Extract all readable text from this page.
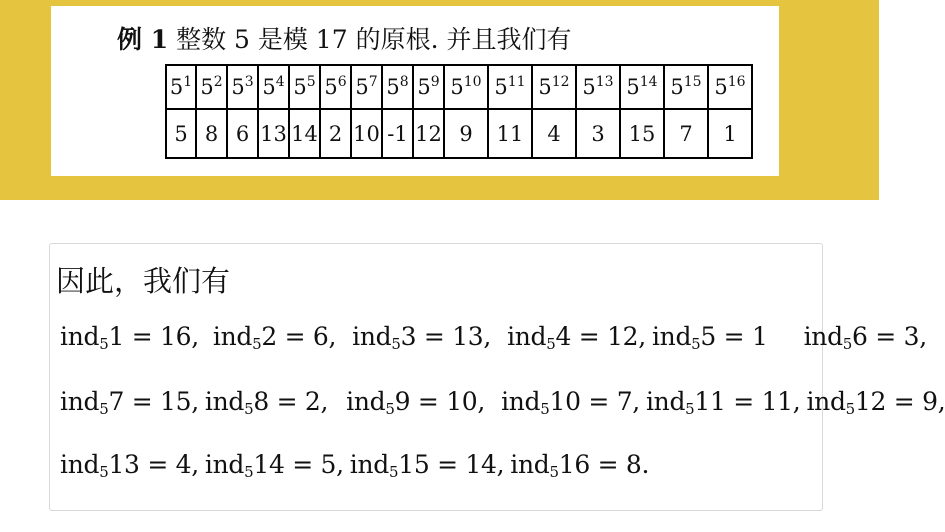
例 1 整数 5 是模 17 的原根. 并且我们有
$5^1$	$5^2$	$5^3$	$5^4$	$5^5$	$5^6$	$5^7$	$5^8$	$5^9$	$5^{10}$	$5^{11}$	$5^{12}$	$5^{13}$	$5^{14}$	$5^{15}$	$5^{16}$
5	8	6	13	14	2	10	-1	12	9	11	4	3	15	7	1
因此，我们有
ind$_5$1 = 16, ind$_5$2 = 6, ind$_5$3 = 13, ind$_5$4 = 12, ind$_5$5 = 1 ind$_5$6 = 3,
ind$_5$7 = 15, ind$_5$8 = 2, ind$_5$9 = 10, ind$_5$10 = 7, ind$_5$11 = 11, ind$_5$12 = 9,
ind$_5$13 = 4, ind$_5$14 = 5, ind$_5$15 = 14, ind$_5$16 = 8.
